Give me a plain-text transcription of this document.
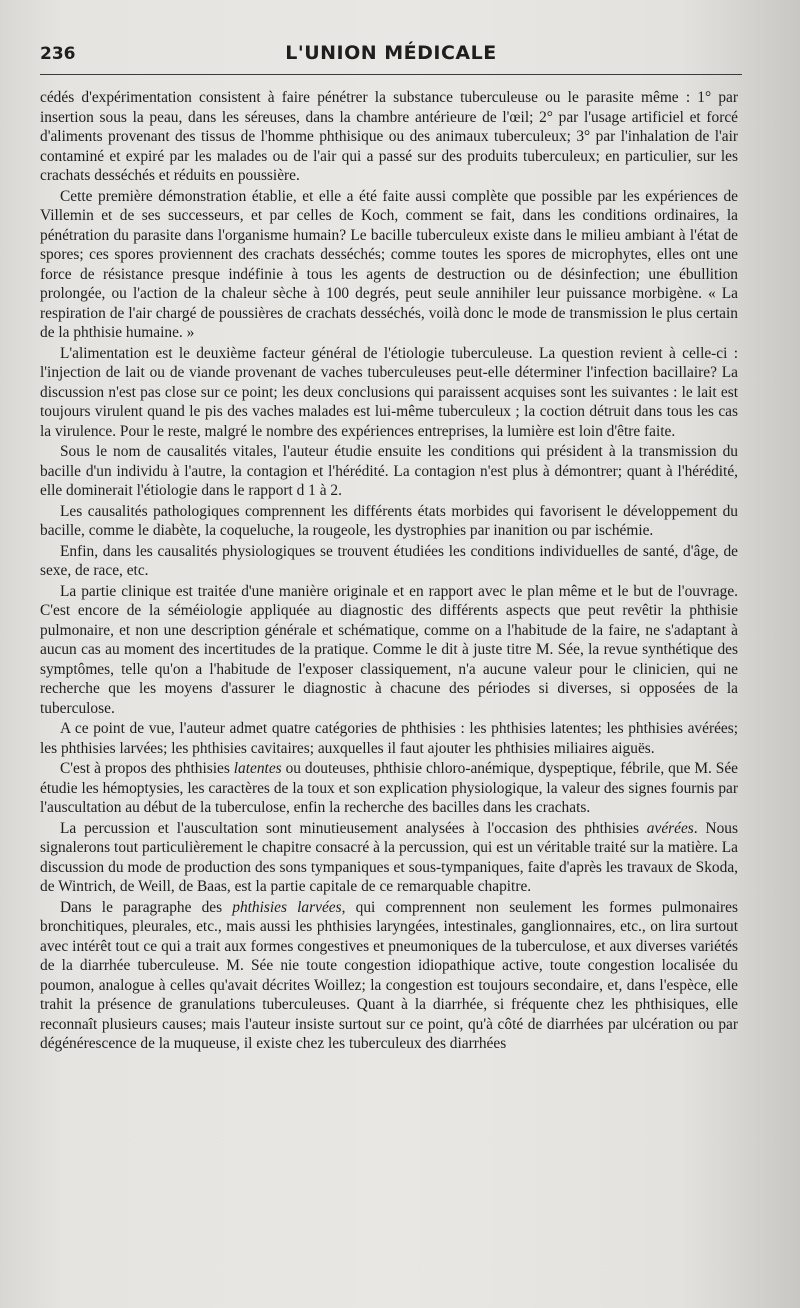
236	L'UNION MÉDICALE

cédés d'expérimentation consistent à faire pénétrer la substance tuberculeuse ou le parasite même : 1° par insertion sous la peau, dans les séreuses, dans la chambre antérieure de l'œil; 2° par l'usage artificiel et forcé d'aliments provenant des tissus de l'homme phthisique ou des animaux tuberculeux; 3° par l'inhalation de l'air contaminé et expiré par les malades ou de l'air qui a passé sur des produits tuberculeux; en particulier, sur les crachats desséchés et réduits en poussière.

Cette première démonstration établie, et elle a été faite aussi complète que possible par les expériences de Villemin et de ses successeurs, et par celles de Koch, comment se fait, dans les conditions ordinaires, la pénétration du parasite dans l'organisme humain? Le bacille tuberculeux existe dans le milieu ambiant à l'état de spores; ces spores proviennent des crachats desséchés; comme toutes les spores de microphytes, elles ont une force de résistance presque indéfinie à tous les agents de destruction ou de désinfection; une ébullition prolongée, ou l'action de la chaleur sèche à 100 degrés, peut seule annihiler leur puissance morbigène. « La respiration de l'air chargé de poussières de crachats desséchés, voilà donc le mode de transmission le plus certain de la phthisie humaine. »

L'alimentation est le deuxième facteur général de l'étiologie tuberculeuse. La question revient à celle-ci : l'injection de lait ou de viande provenant de vaches tuberculeuses peut-elle déterminer l'infection bacillaire? La discussion n'est pas close sur ce point; les deux conclusions qui paraissent acquises sont les suivantes : le lait est toujours virulent quand le pis des vaches malades est lui-même tuberculeux ; la coction détruit dans tous les cas la virulence. Pour le reste, malgré le nombre des expériences entreprises, la lumière est loin d'être faite.

Sous le nom de causalités vitales, l'auteur étudie ensuite les conditions qui président à la transmission du bacille d'un individu à l'autre, la contagion et l'hérédité. La contagion n'est plus à démontrer; quant à l'hérédité, elle dominerait l'étiologie dans le rapport d 1 à 2.

Les causalités pathologiques comprennent les différents états morbides qui favorisent le développement du bacille, comme le diabète, la coqueluche, la rougeole, les dystrophies par inanition ou par ischémie.

Enfin, dans les causalités physiologiques se trouvent étudiées les conditions individuelles de santé, d'âge, de sexe, de race, etc.

La partie clinique est traitée d'une manière originale et en rapport avec le plan même et le but de l'ouvrage. C'est encore de la séméiologie appliquée au diagnostic des différents aspects que peut revêtir la phthisie pulmonaire, et non une description générale et schématique, comme on a l'habitude de la faire, ne s'adaptant à aucun cas au moment des incertitudes de la pratique. Comme le dit à juste titre M. Sée, la revue synthétique des symptômes, telle qu'on a l'habitude de l'exposer classiquement, n'a aucune valeur pour le clinicien, qui ne recherche que les moyens d'assurer le diagnostic à chacune des périodes si diverses, si opposées de la tuberculose.

A ce point de vue, l'auteur admet quatre catégories de phthisies : les phthisies latentes; les phthisies avérées; les phthisies larvées; les phthisies cavitaires; auxquelles il faut ajouter les phthisies miliaires aiguës.

C'est à propos des phthisies latentes ou douteuses, phthisie chloro-anémique, dyspeptique, fébrile, que M. Sée étudie les hémoptysies, les caractères de la toux et son explication physiologique, la valeur des signes fournis par l'auscultation au début de la tuberculose, enfin la recherche des bacilles dans les crachats.

La percussion et l'auscultation sont minutieusement analysées à l'occasion des phthisies avérées. Nous signalerons tout particulièrement le chapitre consacré à la percussion, qui est un véritable traité sur la matière. La discussion du mode de production des sons tympaniques et sous-tympaniques, faite d'après les travaux de Skoda, de Wintrich, de Weill, de Baas, est la partie capitale de ce remarquable chapitre.

Dans le paragraphe des phthisies larvées, qui comprennent non seulement les formes pulmonaires bronchitiques, pleurales, etc., mais aussi les phthisies laryngées, intestinales, ganglionnaires, etc., on lira surtout avec intérêt tout ce qui a trait aux formes congestives et pneumoniques de la tuberculose, et aux diverses variétés de la diarrhée tuberculeuse. M. Sée nie toute congestion idiopathique active, toute congestion localisée du poumon, analogue à celles qu'avait décrites Woillez; la congestion est toujours secondaire, et, dans l'espèce, elle trahit la présence de granulations tuberculeuses. Quant à la diarrhée, si fréquente chez les phthisiques, elle reconnaît plusieurs causes; mais l'auteur insiste surtout sur ce point, qu'à côté de diarrhées par ulcération ou par dégénérescence de la muqueuse, il existe chez les tuberculeux des diarrhées
